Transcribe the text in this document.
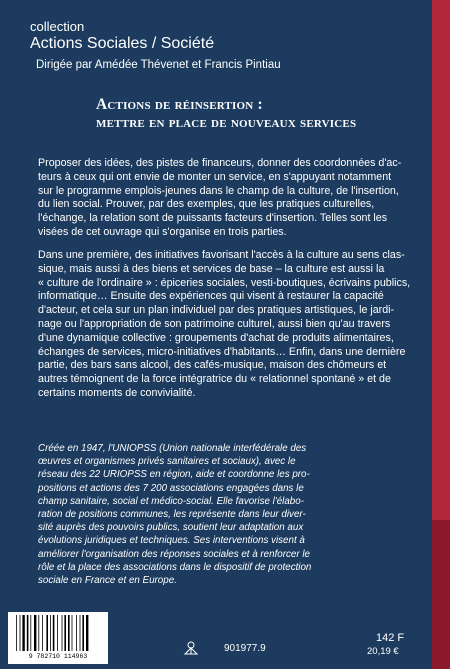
collection

Actions Sociales / Société

Dirigée par Amédée Thévenet et Francis Pintiau

Actions de réinsertion :

mettre en place de nouveaux services

Proposer des idées, des pistes de financeurs, donner des coordonnées d'ac-
teurs à ceux qui ont envie de monter un service, en s'appuyant notamment
sur le programme emplois-jeunes dans le champ de la culture, de l'insertion,
du lien social. Prouver, par des exemples, que les pratiques culturelles,
l'échange, la relation sont de puissants facteurs d'insertion. Telles sont les
visées de cet ouvrage qui s'organise en trois parties.
Dans une première, des initiatives favorisant l'accès à la culture au sens clas-
sique, mais aussi à des biens et services de base – la culture est aussi la
« culture de l'ordinaire » : épiceries sociales, vesti-boutiques, écrivains publics,
informatique… Ensuite des expériences qui visent à restaurer la capacité
d'acteur, et cela sur un plan individuel par des pratiques artistiques, le jardi-
nage ou l'appropriation de son patrimoine culturel, aussi bien qu'au travers
d'une dynamique collective : groupements d'achat de produits alimentaires,
échanges de services, micro-initiatives d'habitants… Enfin, dans une dernière
partie, des bars sans alcool, des cafés-musique, maison des chômeurs et
autres témoignent de la force intégratrice du « relationnel spontané » et de
certains moments de convivialité.
Créée en 1947, l'UNIOPSS (Union nationale interfédérale des
œuvres et organismes privés sanitaires et sociaux), avec le
réseau des 22 URIOPSS en région, aide et coordonne les pro-
positions et actions des 7 200 associations engagées dans le
champ sanitaire, social et médico-social. Elle favorise l'élabo-
ration de positions communes, les représente dans leur diver-
sité auprès des pouvoirs publics, soutient leur adaptation aux
évolutions juridiques et techniques. Ses interventions visent à
améliorer l'organisation des réponses sociales et à renforcer le
rôle et la place des associations dans le dispositif de protection
sociale en France et en Europe.
9 782710 114963
901977.9
142 F
20,19 €
